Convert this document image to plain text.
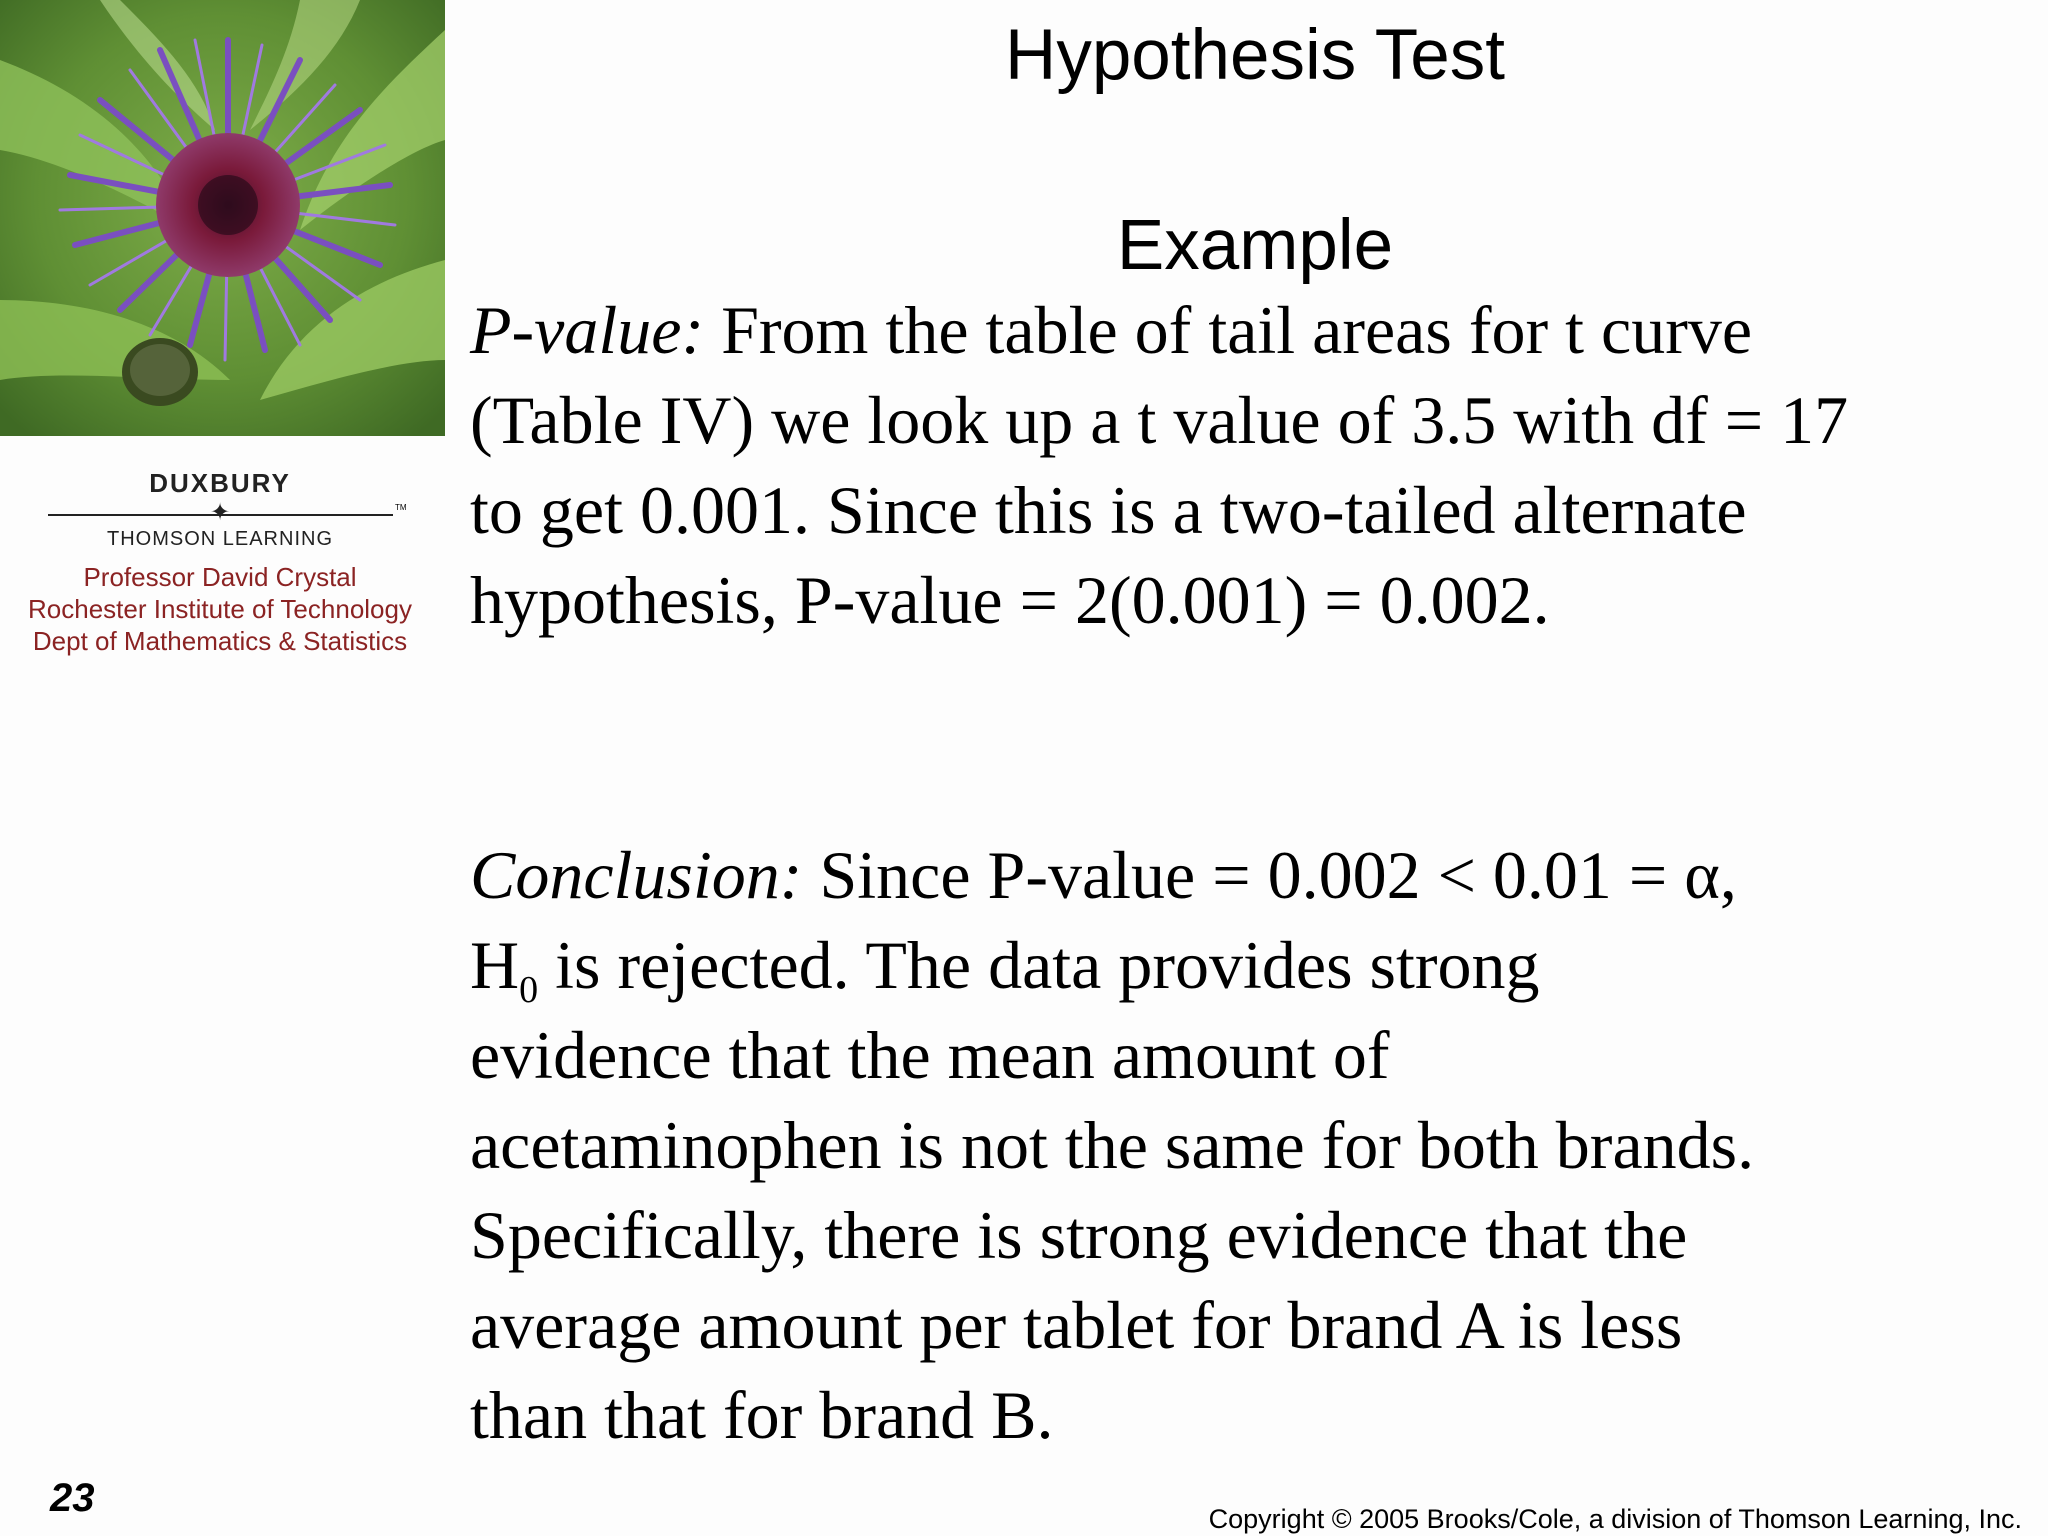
DUXBURY
✦	TM
THOMSON LEARNING
Professor David Crystal
Rochester Institute of Technology
Dept of Mathematics & Statistics
Hypothesis Test
Example
P-value: From the table of tail areas for t curve
(Table IV) we look up a t value of 3.5 with df = 17
to get 0.001. Since this is a two-tailed alternate
hypothesis, P-value = 2(0.001) = 0.002.
Conclusion: Since P-value = 0.002 < 0.01 = α,
$H_0$ is rejected. The data provides strong
evidence that the mean amount of
acetaminophen is not the same for both brands.
Specifically, there is strong evidence that the
average amount per tablet for brand A is less
than that for brand B.
23	Copyright © 2005 Brooks/Cole, a division of Thomson Learning, Inc.
